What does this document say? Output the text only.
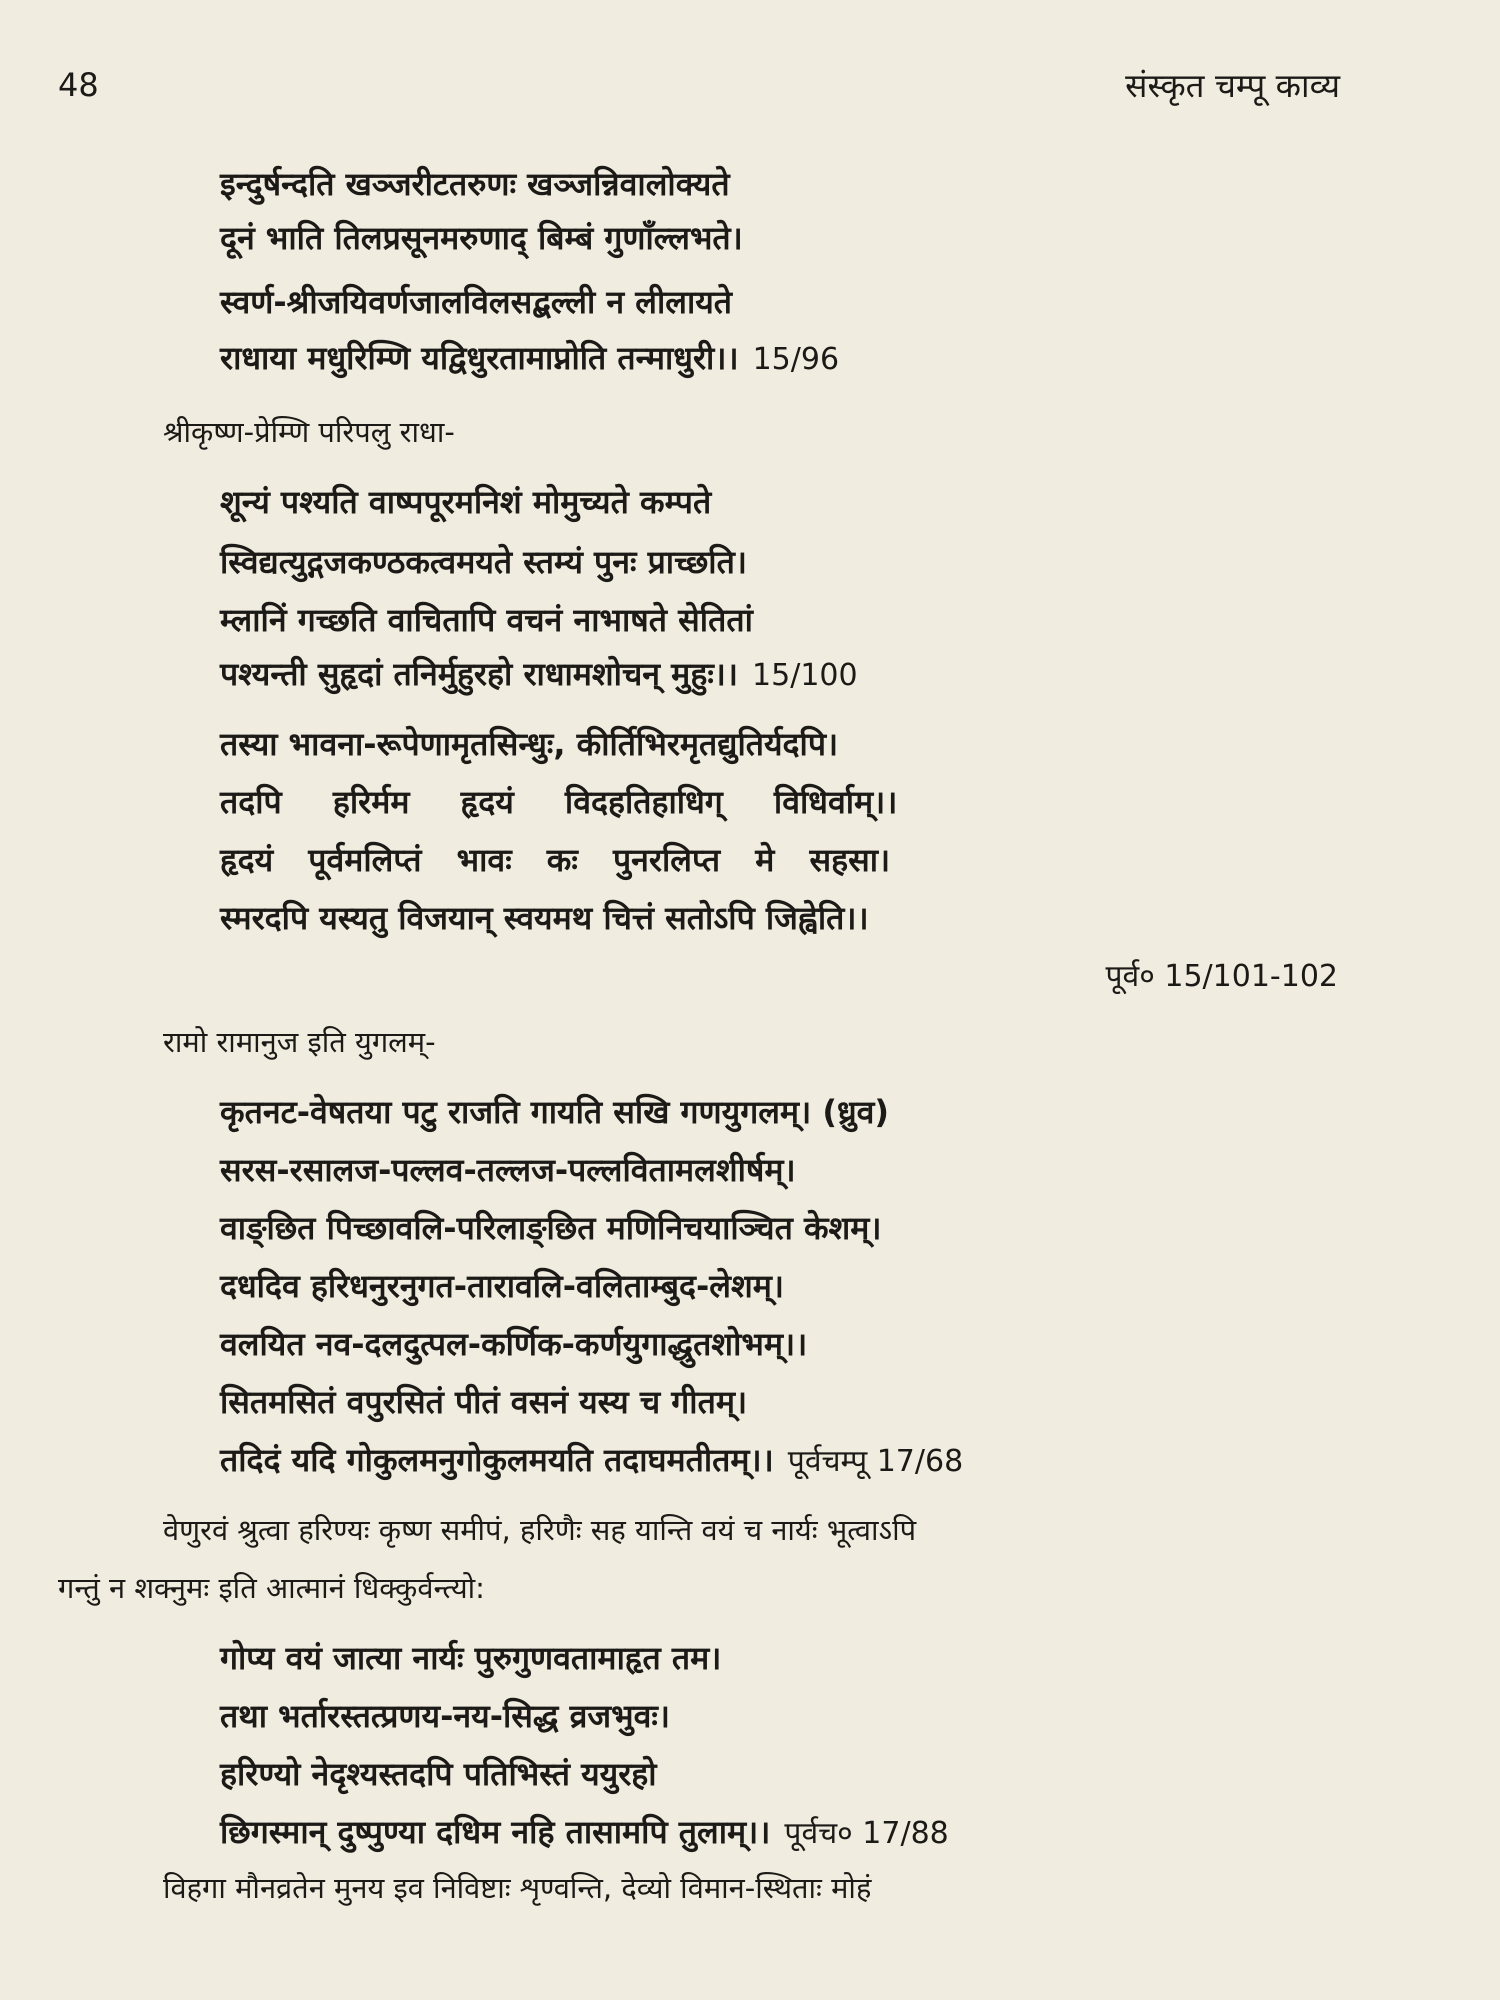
48	संस्कृत चम्पू काव्य
इन्दुर्षन्दति खञ्जरीटतरुणः खञ्जन्निवालोक्यते
दूनं भाति तिलप्रसूनमरुणाद् बिम्बं गुणाँल्लभते।
स्वर्ण-श्रीजयिवर्णजालविलसद्बल्ली न लीलायते
राधाया मधुरिम्णि यद्विधुरतामाप्नोति तन्माधुरी।। 15/96
श्रीकृष्ण-प्रेम्णि परिपलु राधा-
शून्यं पश्यति वाष्पपूरमनिशं मोमुच्यते कम्पते
स्विद्यत्युद्गजकण्ठकत्वमयते स्तम्यं पुनः प्राच्छति।
म्लानिं गच्छति वाचितापि वचनं नाभाषते सेतितां
पश्यन्ती सुहृदां तनिर्मुहुरहो राधामशोचन् मुहुः।। 15/100
तस्या भावना-रूपेणामृतसिन्धुः, कीर्तिभिरमृतद्युतिर्यदपि।
तदपि हरिर्मम हृदयं विदहतिहाधिग् विधिर्वाम्।।
हृदयं पूर्वमलिप्तं भावः कः पुनरलिप्त मे सहसा।
स्मरदपि यस्यतु विजयान् स्वयमथ चित्तं सतोऽपि जिह्वेति।।
पूर्व० 15/101-102
रामो रामानुज इति युगलम्-
कृतनट-वेषतया पटु राजति गायति सखि गणयुगलम्। (ध्रुव)
सरस-रसालज-पल्लव-तल्लज-पल्लवितामलशीर्षम्।
वाङ्छित पिच्छावलि-परिलाङ्छित मणिनिचयाञ्चित केशम्।
दधदिव हरिधनुरनुगत-तारावलि-वलिताम्बुद-लेशम्।
वलयित नव-दलदुत्पल-कर्णिक-कर्णयुगाद्धुतशोभम्।।
सितमसितं वपुरसितं पीतं वसनं यस्य च गीतम्।
तदिदं यदि गोकुलमनुगोकुलमयति तदाघमतीतम्।। पूर्वचम्पू 17/68
वेणुरवं श्रुत्वा हरिण्यः कृष्ण समीपं, हरिणैः सह यान्ति वयं च नार्यः भूत्वाऽपि
गन्तुं न शक्नुमः इति आत्मानं धिक्कुर्वन्त्यो:
गोप्य वयं जात्या नार्यः पुरुगुणवतामाहृत तम।
तथा भर्तारस्तत्प्रणय-नय-सिद्ध व्रजभुवः।
हरिण्यो नेदृश्यस्तदपि पतिभिस्तं ययुरहो
छिगस्मान् दुष्पुण्या दधिम नहि तासामपि तुलाम्।। पूर्वच० 17/88
विहगा मौनव्रतेन मुनय इव निविष्टाः शृण्वन्ति, देव्यो विमान-स्थिताः मोहं
